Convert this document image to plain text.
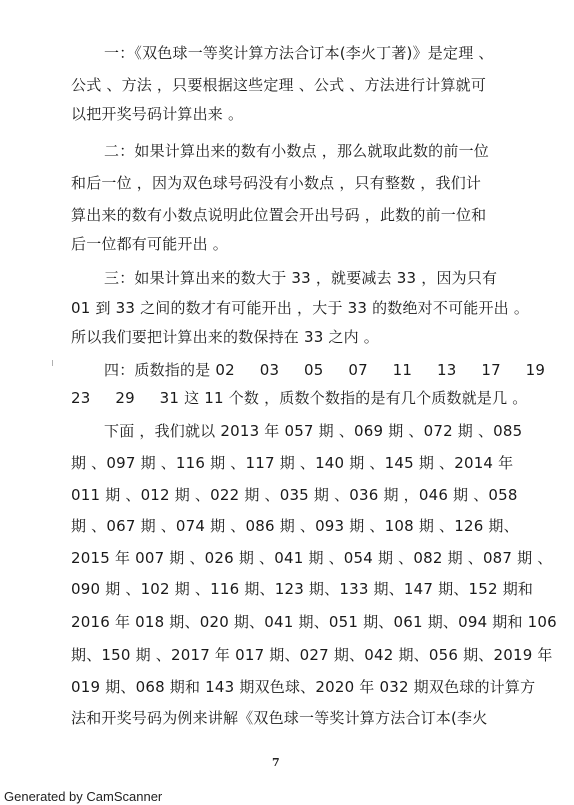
一：《双色球一等奖计算方法合订本(李火丁著)》是定理 、
公式 、方法 ，只要根据这些定理 、公式 、方法进行计算就可
以把开奖号码计算出来 。
二：如果计算出来的数有小数点 ，那么就取此数的前一位
和后一位 ，因为双色球号码没有小数点 ，只有整数 ，我们计
算出来的数有小数点说明此位置会开出号码 ，此数的前一位和
后一位都有可能开出 。
三：如果计算出来的数大于 33 ，就要减去 33 ，因为只有
01 到 33 之间的数才有可能开出 ，大于 33 的数绝对不可能开出 。
所以我们要把计算出来的数保持在 33 之内 。
四：质数指的是 02     03     05     07     11     13     17     19
23     29     31 这 11 个数 ，质数个数指的是有几个质数就是几 。
下面 ，我们就以 2013 年 057 期 、069 期 、072 期 、085
期 、097 期 、116 期 、117 期 、140 期 、145 期 、2014 年
011 期 、012 期 、022 期 、035 期 、036 期 ，046 期 、058
期 、067 期 、074 期 、086 期 、093 期 、108 期 、126 期、
2015 年 007 期 、026 期 、041 期 、054 期 、082 期 、087 期 、
090 期 、102 期 、116 期、123 期、133 期、147 期、152 期和
2016 年 018 期、020 期、041 期、051 期、061 期、094 期和 106
期、150 期 、2017 年 017 期、027 期、042 期、056 期、2019 年
019 期、068 期和 143 期双色球、2020 年 032 期双色球的计算方
法和开奖号码为例来讲解《双色球一等奖计算方法合订本(李火
7
Generated by CamScanner
